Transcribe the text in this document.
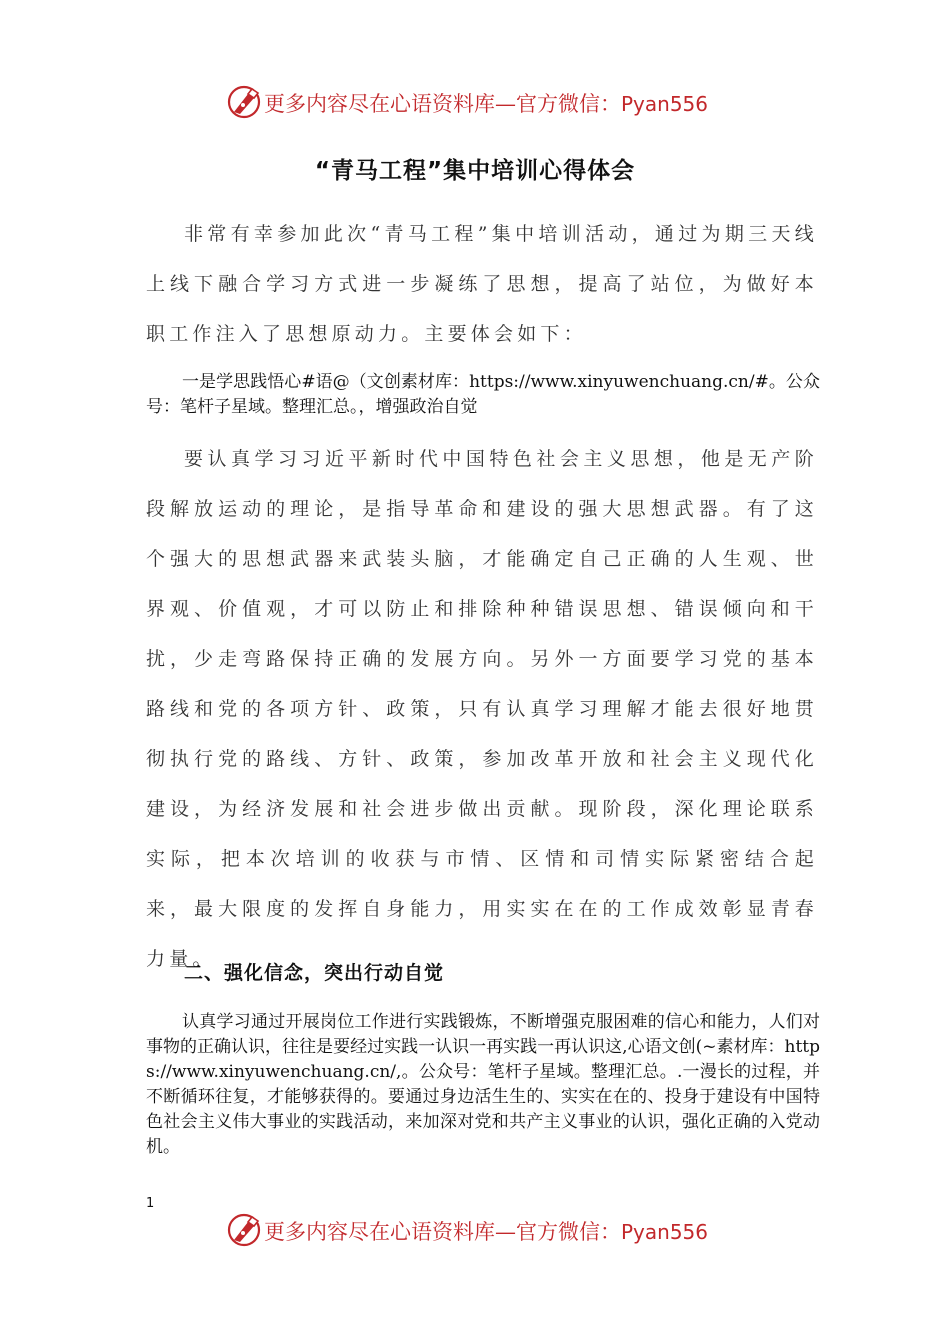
更多内容尽在心语资料库—官方微信：Pyan556
“青马工程”集中培训心得体会
非常有幸参加此次“青马工程”集中培训活动，通过为期三天线上线下融合学习方式进一步凝练了思想，提高了站位，为做好本职工作注入了思想原动力。主要体会如下：
一是学思践悟心#语@（文创素材库：https://www.xinyuwenchuang.cn/#。公众号：笔杆子星域。整理汇总。，增强政治自觉
要认真学习习近平新时代中国特色社会主义思想，他是无产阶段解放运动的理论，是指导革命和建设的强大思想武器。有了这个强大的思想武器来武装头脑，才能确定自己正确的人生观、世界观、价值观，才可以防止和排除种种错误思想、错误倾向和干扰，少走弯路保持正确的发展方向。另外一方面要学习党的基本路线和党的各项方针、政策，只有认真学习理解才能去很好地贯彻执行党的路线、方针、政策，参加改革开放和社会主义现代化建设，为经济发展和社会进步做出贡献。现阶段，深化理论联系实际，把本次培训的收获与市情、区情和司情实际紧密结合起来，最大限度的发挥自身能力，用实实在在的工作成效彰显青春力量。
二、强化信念，突出行动自觉
认真学习通过开展岗位工作进行实践锻炼，不断增强克服困难的信心和能力，人们对事物的正确认识，往往是要经过实践一认识一再实践一再认识这,心语文创(~素材库：https://www.xinyuwenchuang.cn/,。公众号：笔杆子星域。整理汇总。.一漫长的过程，并不断循环往复，才能够获得的。要通过身边活生生的、实实在在的、投身于建设有中国特色社会主义伟大事业的实践活动，来加深对党和共产主义事业的认识，强化正确的入党动机。
1
更多内容尽在心语资料库—官方微信：Pyan556
